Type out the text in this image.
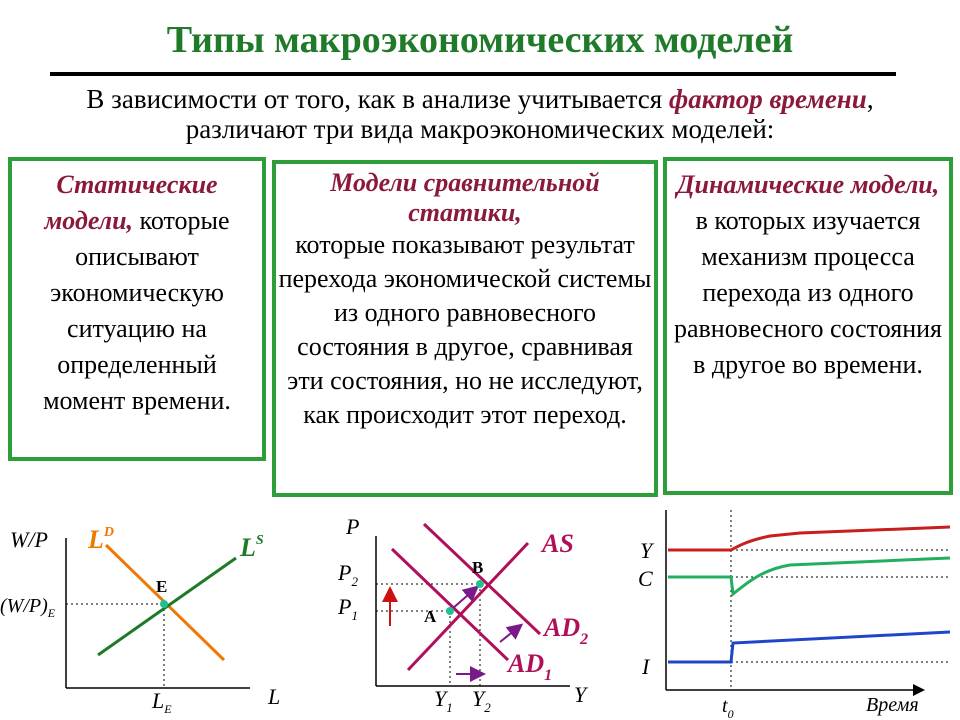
Типы макроэкономических моделей
В зависимости от того, как в анализе учитывается фактор времени,
различают три вида макроэкономических моделей:
Статические модели, которые описывают экономическую ситуацию на определенный момент времени.
Модели сравнительной статики,
которые показывают результат перехода экономической системы из одного равновесного состояния в другое, сравнивая эти состояния, но не исследуют, как происходит этот переход.
Динамические модели,
в которых изучается механизм процесса перехода из одного равновесного состояния в другое во времени.
W/P
L
$L^D$
$L^S$
E
$(W/P)_E$
$L_E$
P
Y
AS
$AD_2$
$AD_1$
A
B
$P_2$
$P_1$
$Y_1$ $Y_2$
Y
C
I
$t_0$	Время
